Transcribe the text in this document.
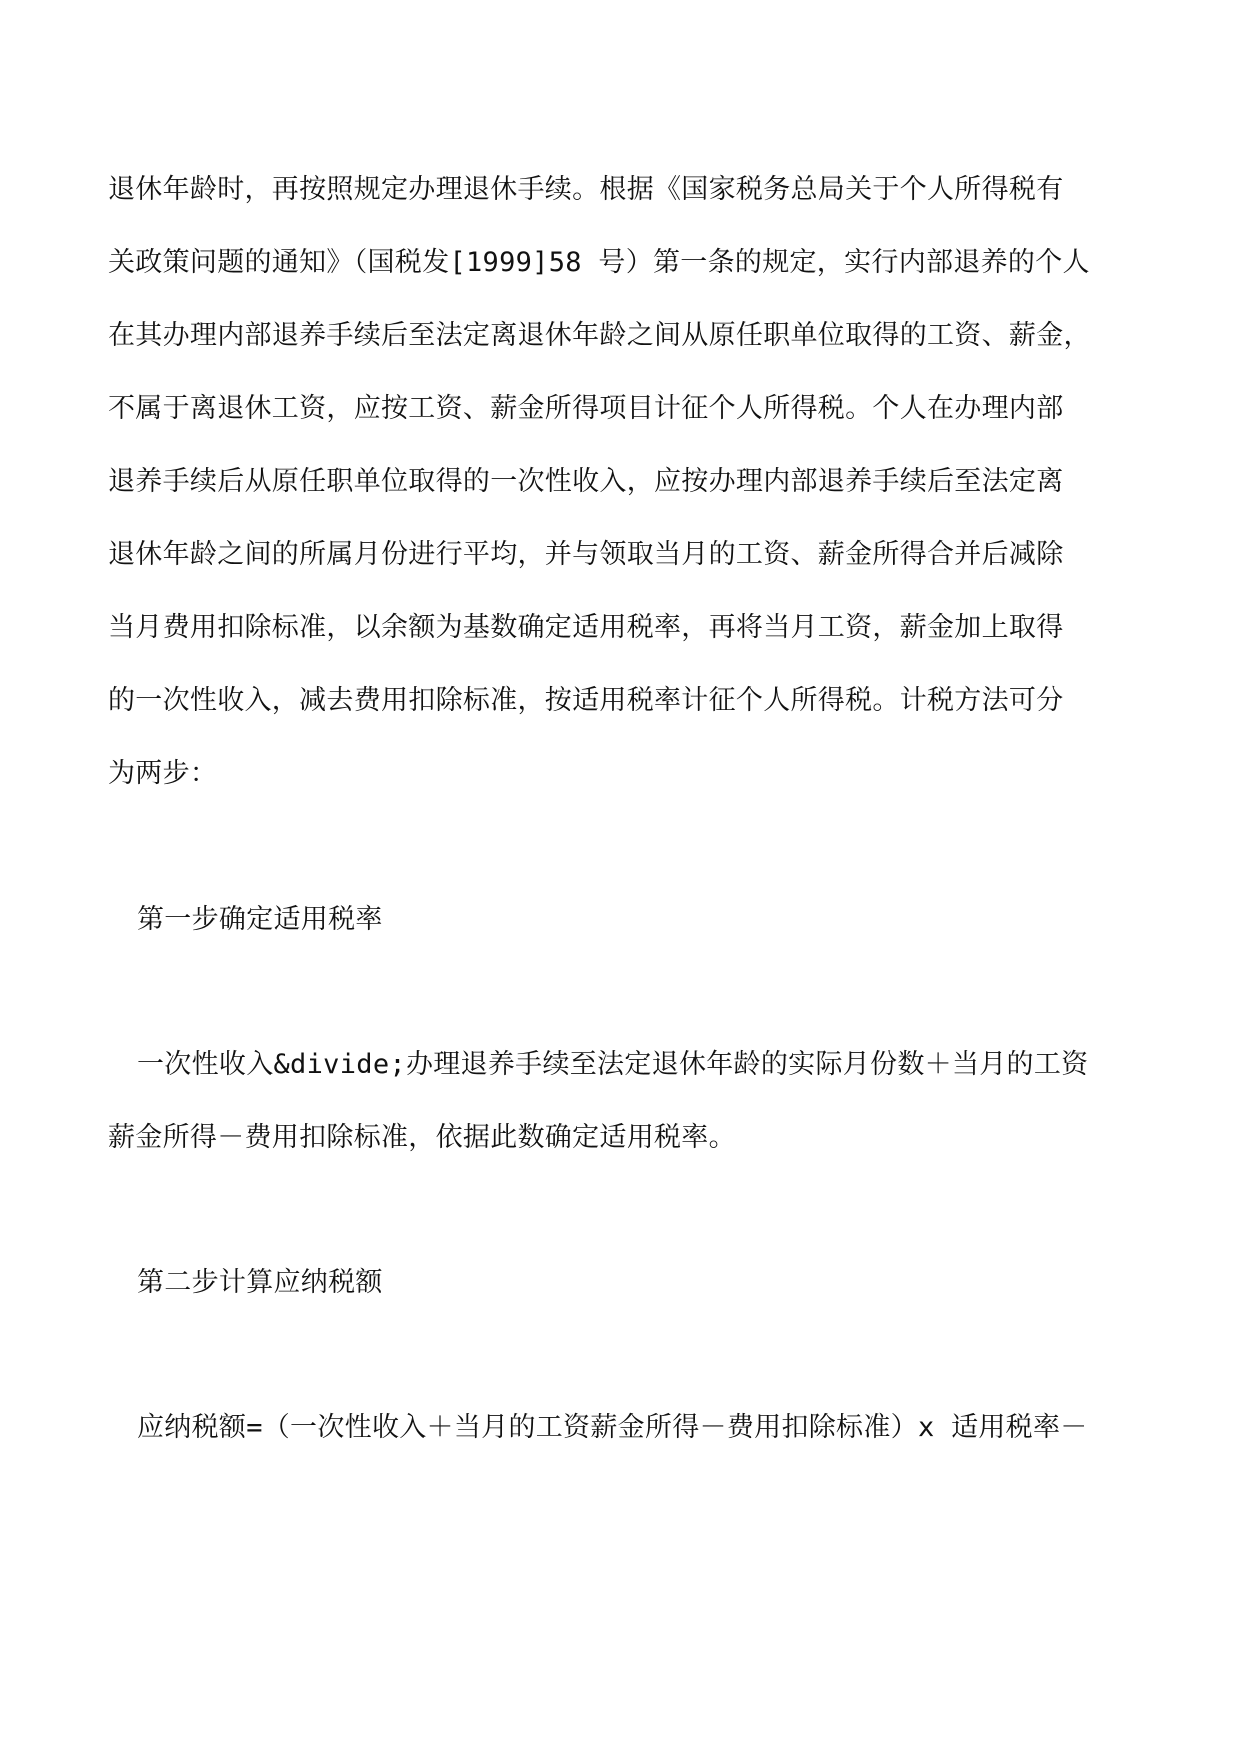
退休年龄时，再按照规定办理退休手续。根据《国家税务总局关于个人所得税有
关政策问题的通知》（国税发[1999]58 号）第一条的规定，实行内部退养的个人
在其办理内部退养手续后至法定离退休年龄之间从原任职单位取得的工资、薪金，
不属于离退休工资，应按工资、薪金所得项目计征个人所得税。个人在办理内部
退养手续后从原任职单位取得的一次性收入，应按办理内部退养手续后至法定离
退休年龄之间的所属月份进行平均，并与领取当月的工资、薪金所得合并后减除
当月费用扣除标准，以余额为基数确定适用税率，再将当月工资，薪金加上取得
的一次性收入，减去费用扣除标准，按适用税率计征个人所得税。计税方法可分
为两步：
第一步确定适用税率
一次性收入&divide;办理退养手续至法定退休年龄的实际月份数＋当月的工资
薪金所得－费用扣除标准，依据此数确定适用税率。
第二步计算应纳税额
应纳税额=（一次性收入＋当月的工资薪金所得－费用扣除标准）x 适用税率－
